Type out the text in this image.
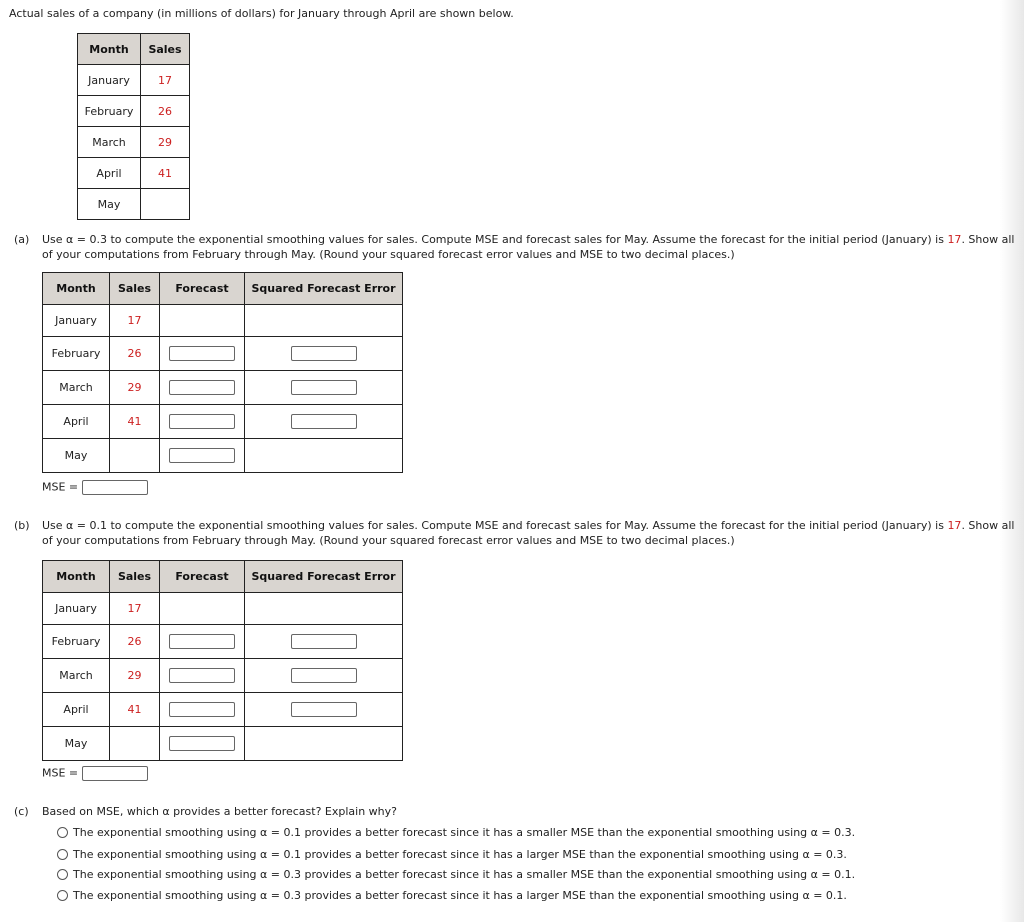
Actual sales of a company (in millions of dollars) for January through April are shown below.
Month	Sales
January	17
February	26
March	29
April	41
May	
(a) Use α = 0.3 to compute the exponential smoothing values for sales. Compute MSE and forecast sales for May. Assume the forecast for the initial period (January) is 17. Show all
of your computations from February through May. (Round your squared forecast error values and MSE to two decimal places.)
Month	Sales	Forecast	Squared Forecast Error
January	17		
February	26		
March	29		
April	41		
May			
MSE =
(b) Use α = 0.1 to compute the exponential smoothing values for sales. Compute MSE and forecast sales for May. Assume the forecast for the initial period (January) is 17. Show all
of your computations from February through May. (Round your squared forecast error values and MSE to two decimal places.)
Month	Sales	Forecast	Squared Forecast Error
January	17		
February	26		
March	29		
April	41		
May			
MSE =
(c) Based on MSE, which α provides a better forecast? Explain why?
The exponential smoothing using α = 0.1 provides a better forecast since it has a smaller MSE than the exponential smoothing using α = 0.3.
The exponential smoothing using α = 0.1 provides a better forecast since it has a larger MSE than the exponential smoothing using α = 0.3.
The exponential smoothing using α = 0.3 provides a better forecast since it has a smaller MSE than the exponential smoothing using α = 0.1.
The exponential smoothing using α = 0.3 provides a better forecast since it has a larger MSE than the exponential smoothing using α = 0.1.
